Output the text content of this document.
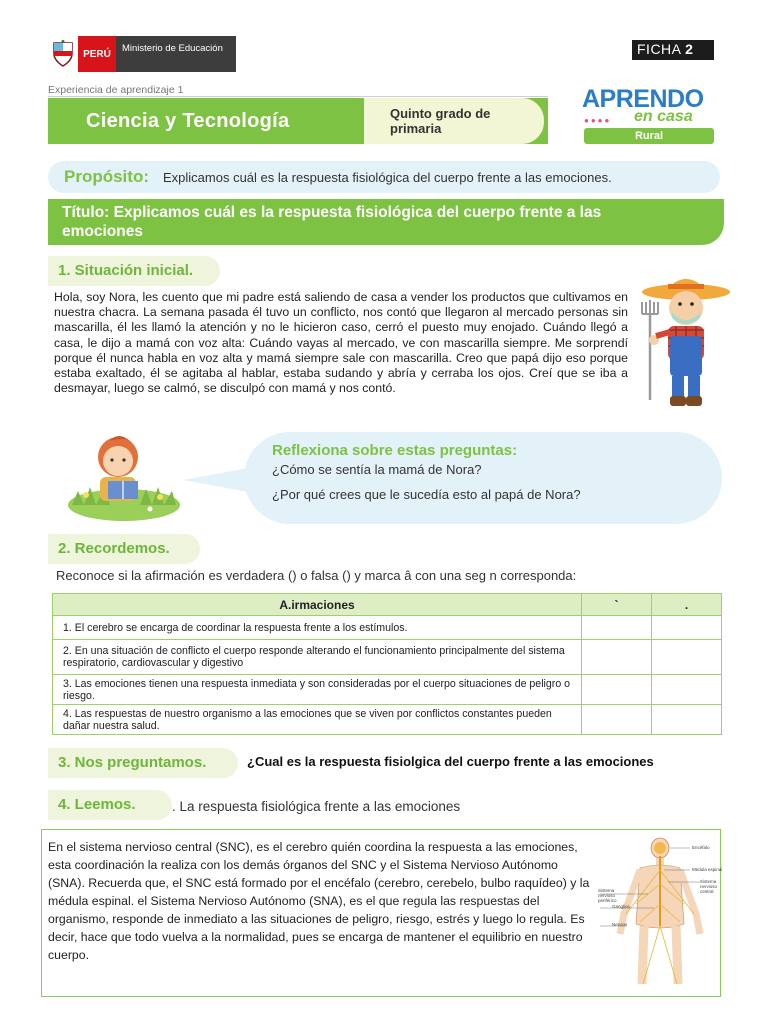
PERÚ	Ministerio de Educación	FICHA 2
Experiencia de aprendizaje 1
Ciencia y Tecnología	Quinto grado de primaria
APRENDO
●●●● en casa
Rural
Propósito: Explicamos cuál es la respuesta fisiológica del cuerpo frente a las emociones.
Título: Explicamos cuál es la respuesta fisiológica del cuerpo frente a las emociones
1. Situación inicial.
Hola, soy Nora, les cuento que mi padre está saliendo de casa a vender los productos que cultivamos en nuestra chacra. La semana pasada él tuvo un conflicto, nos contó que llegaron al mercado personas sin mascarilla, él les llamó la atención y no le hicieron caso, cerró el puesto muy enojado. Cuándo llegó a casa, le dijo a mamá con voz alta: Cuándo vayas al mercado, ve con mascarilla siempre. Me sorprendí porque él nunca habla en voz alta y mamá siempre sale con mascarilla. Creo que papá dijo eso porque estaba exaltado, él se agitaba al hablar, estaba sudando y abría y cerraba los ojos. Creí que se iba a desmayar, luego se calmó, se disculpó con mamá y nos contó.
Reflexiona sobre estas preguntas:
¿Cómo se sentía la mamá de Nora?
¿Por qué crees que le sucedía esto al papá de Nora?
2. Recordemos.
Reconoce si la afirmación es verdadera () o falsa () y marca â con una seg n corresponda:
A.irmaciones	`	.
1. El cerebro se encarga de coordinar la respuesta frente a los estímulos.		
2. En una situación de conflicto el cuerpo responde alterando el funcionamiento principalmente del sistema respiratorio, cardiovascular y digestivo		
3. Las emociones tienen una respuesta inmediata y son consideradas por el cuerpo situaciones de peligro o riesgo.		
4. Las respuestas de nuestro organismo a las emociones que se viven por conflictos constantes pueden dañar nuestra salud.		
3. Nos preguntamos.	¿Cual es la respuesta fisiolgica del cuerpo frente a las emociones
4. Leemos.	. La respuesta fisiológica frente a las emociones
En el sistema nervioso central (SNC), es el cerebro quién coordina la respuesta a las emociones, esta coordinación la realiza con los demás órganos del SNC y el Sistema Nervioso Autónomo (SNA). Recuerda que, el SNC está formado por el encéfalo (cerebro, cerebelo, bulbo raquídeo) y la médula espinal. el Sistema Nervioso Autónomo (SNA), es el que regula las respuestas del organismo, responde de inmediato a las situaciones de peligro, riesgo, estrés y luego lo regula. Es decir, hace que todo vuelva a la normalidad, pues se encarga de mantener el equilibrio en nuestro cuerpo.
Encéfalo
Médula espinal
Sistema nervioso central
Sistema nervioso periférico
Ganglios
Nervios
